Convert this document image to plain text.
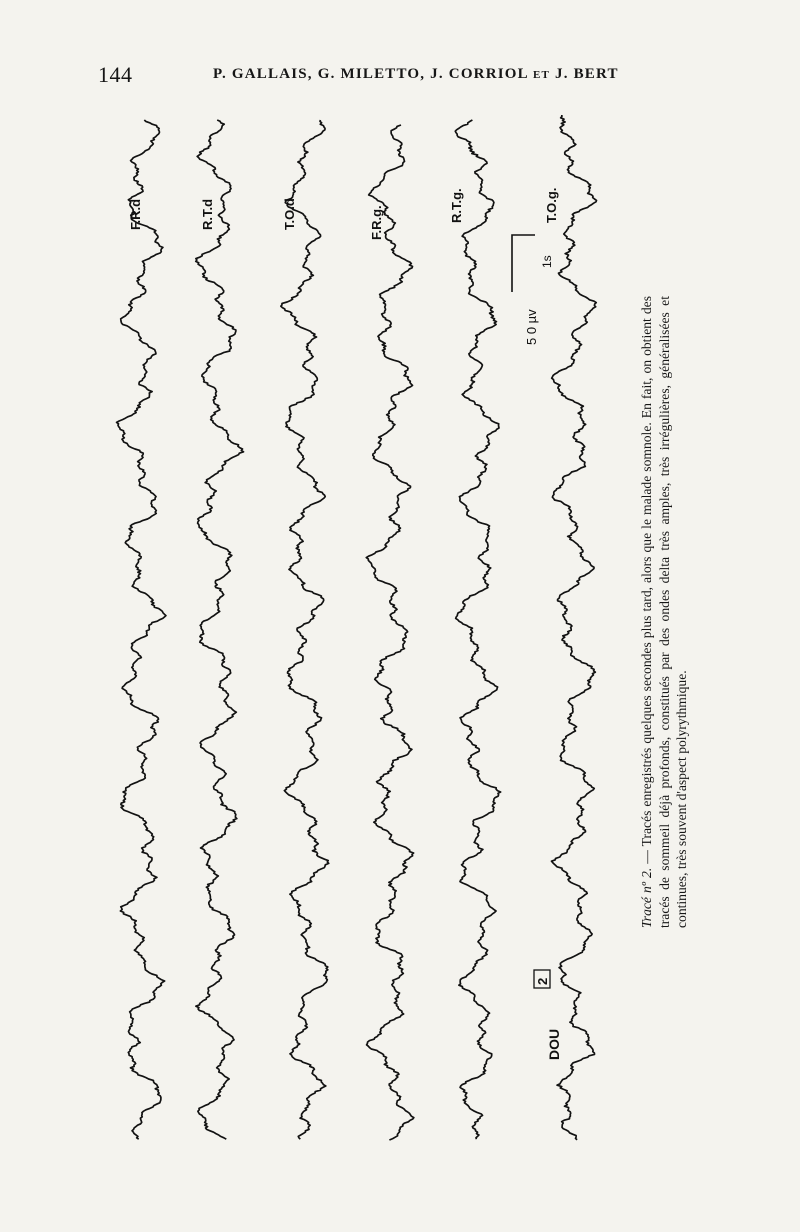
144	P. GALLAIS, G. MILETTO, J. CORRIOL et J. BERT
F.R.d	R.T.d	T.O.d	F.R.g.	R.T.g.	T.O.g.
5 0 µv
1s
DOU
2

Tracé nº 2. — Tracés enregistrés quelques secondes plus tard, alors que le malade somnole. En fait, on obtient des tracés de sommeil déjà profonds, constitués par des ondes delta très amples, très irrégulières, généralisées et continues, très souvent d'aspect polyrythmique.
